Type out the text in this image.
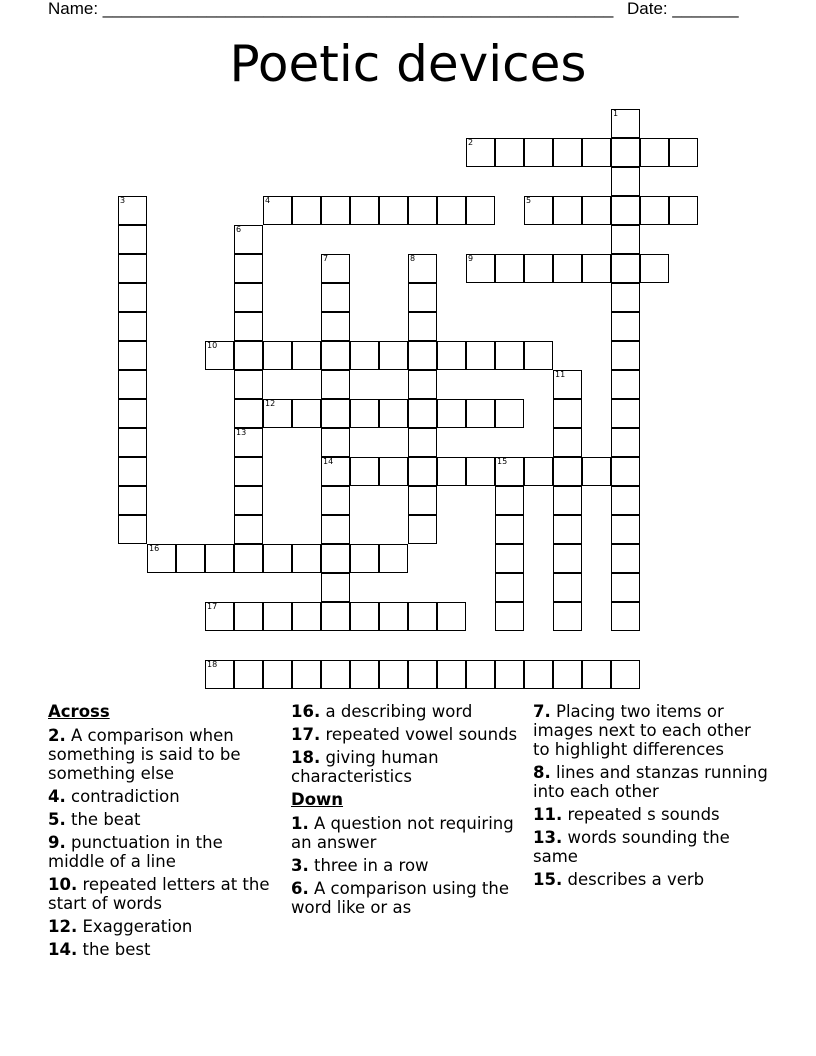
Name: ______________________________________________________ Date: _______
Poetic devices
1
2
3	4	5
6
13
7
14
8	9
10
11
12
15
16
17
18
Across
2. A comparison when something is said to be something else
4. contradiction
5. the beat
9. punctuation in the middle of a line
10. repeated letters at the start of words
12. Exaggeration
14. the best
16. a describing word
17. repeated vowel sounds
18. giving human characteristics
Down
1. A question not requiring an answer
3. three in a row
6. A comparison using the word like or as
7. Placing two items or images next to each other to highlight differences
8. lines and stanzas running into each other
11. repeated s sounds
13. words sounding the same
15. describes a verb
